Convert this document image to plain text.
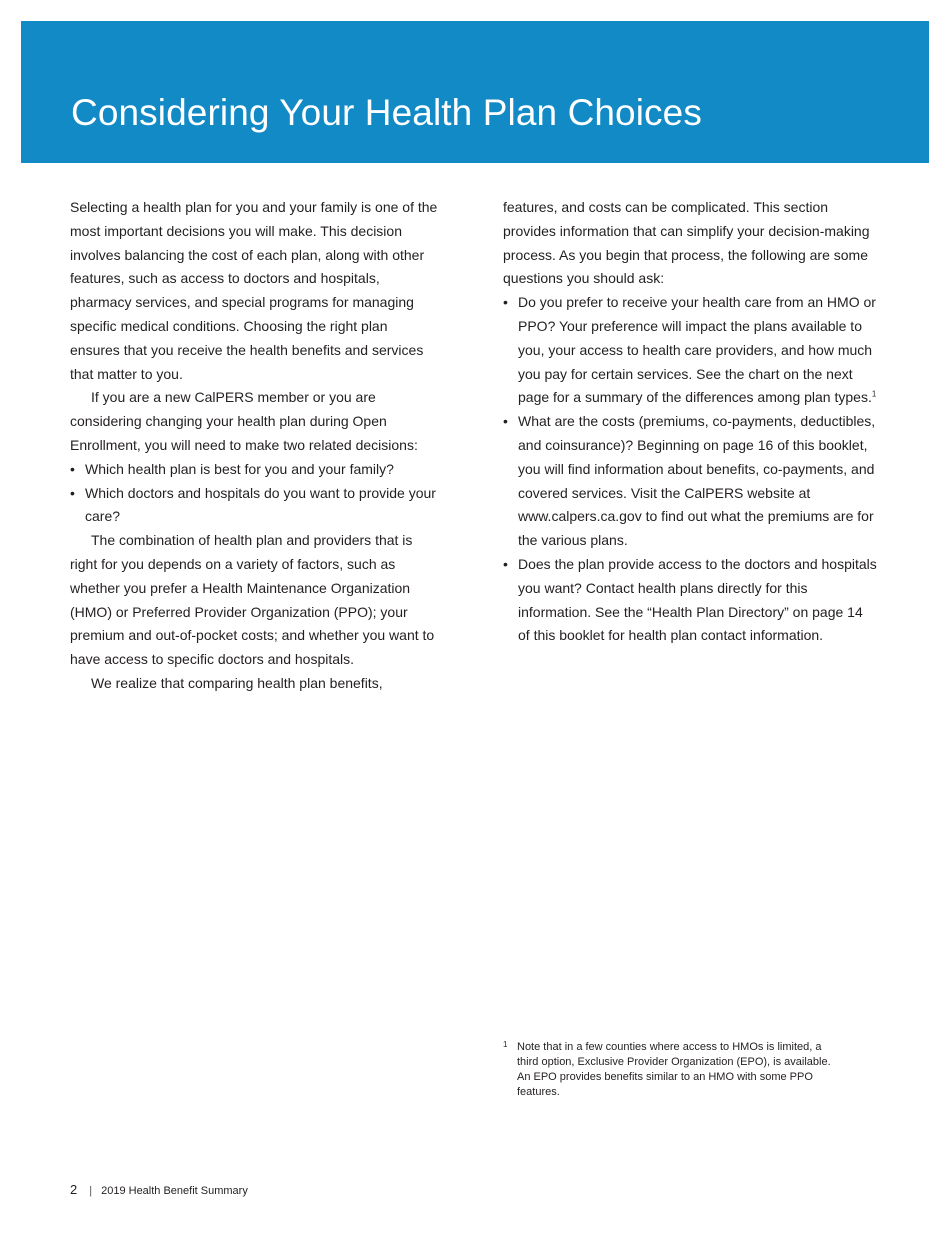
Considering Your Health Plan Choices

Selecting a health plan for you and your family is one of the most important decisions you will make. This decision involves balancing the cost of each plan, along with other features, such as access to doctors and hospitals, pharmacy services, and special programs for managing specific medical conditions. Choosing the right plan ensures that you receive the health benefits and services that matter to you.

If you are a new CalPERS member or you are considering changing your health plan during Open Enrollment, you will need to make two related decisions:

• Which health plan is best for you and your family?
• Which doctors and hospitals do you want to provide your care?

The combination of health plan and providers that is right for you depends on a variety of factors, such as whether you prefer a Health Maintenance Organization (HMO) or Preferred Provider Organization (PPO); your premium and out-of-pocket costs; and whether you want to have access to specific doctors and hospitals.

We realize that comparing health plan benefits,

features, and costs can be complicated. This section provides information that can simplify your decision-making process. As you begin that process, the following are some questions you should ask:

• Do you prefer to receive your health care from an HMO or PPO? Your preference will impact the plans available to you, your access to health care providers, and how much you pay for certain services. See the chart on the next page for a summary of the differences among plan types.$^1$
• What are the costs (premiums, co-payments, deductibles, and coinsurance)? Beginning on page 16 of this booklet, you will find information about benefits, co-payments, and covered services. Visit the CalPERS website at www.calpers.ca.gov to find out what the premiums are for the various plans.
• Does the plan provide access to the doctors and hospitals you want? Contact health plans directly for this information. See the “Health Plan Directory” on page 14 of this booklet for health plan contact information.
1 Note that in a few counties where access to HMOs is limited, a third option, Exclusive Provider Organization (EPO), is available. An EPO provides benefits similar to an HMO with some PPO features.
2 | 2019 Health Benefit Summary
